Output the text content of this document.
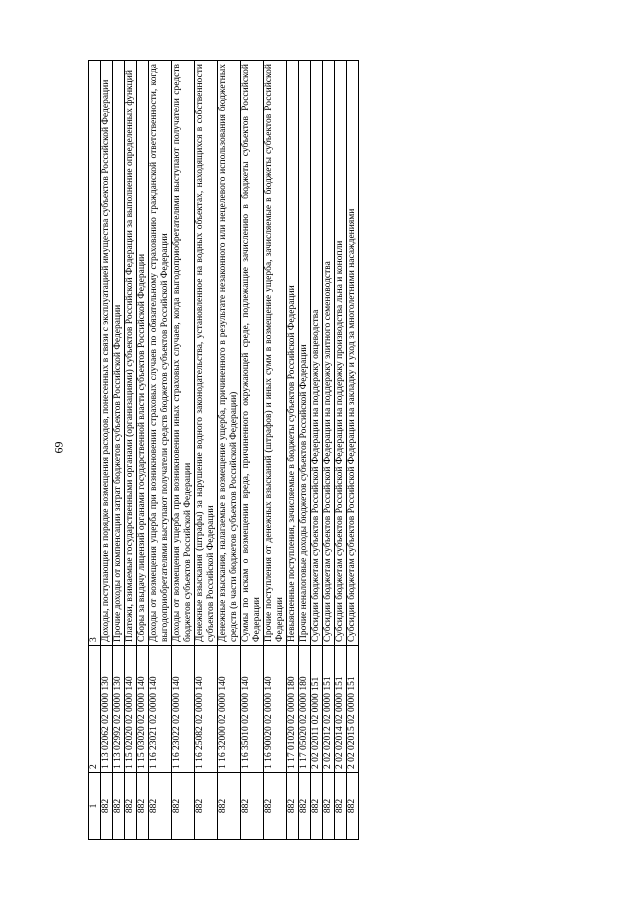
69
1	2	3
882	1 13 02062 02 0000 130	Доходы, поступающие в порядке возмещения расходов, понесенных в связи с эксплуатацией имущества субъектов Российской Федерации
882	1 13 02992 02 0000 130	Прочие доходы от компенсации затрат бюджетов субъектов Российской Федерации
882	1 15 02020 02 0000 140	Платежи, взимаемые государственными органами (организациями) субъектов Российской Федерации за выполнение определенных функций
882	1 15 03020 02 0000 140	Сборы за выдачу лицензий органами государственной власти субъектов Российской Федерации
882	1 16 23021 02 0000 140	Доходы от возмещения ущерба при возникновении страховых случаев по обязательному страхованию гражданской ответственности, когда выгодоприобретателями выступают получатели средств бюджетов субъектов Российской Федерации
882	1 16 23022 02 0000 140	Доходы от возмещения ущерба при возникновении иных страховых случаев, когда выгодоприобретателями выступают получатели средств бюджетов субъектов Российской Федерации
882	1 16 25082 02 0000 140	Денежные взыскания (штрафы) за нарушение водного законодательства, установленное на водных объектах, находящихся в собственности субъектов Российской Федерации
882	1 16 32000 02 0000 140	Денежные взыскания, налагаемые в возмещение ущерба, причиненного в результате незаконного или нецелевого использования бюджетных средств (в части бюджетов субъектов Российской Федерации)
882	1 16 35010 02 0000 140	Суммы по искам о возмещении вреда, причиненного окружающей среде, подлежащие зачислению в бюджеты субъектов Российской Федерации
882	1 16 90020 02 0000 140	Прочие поступления от денежных взысканий (штрафов) и иных сумм в возмещение ущерба, зачисляемые в бюджеты субъектов Российской Федерации
882	1 17 01020 02 0000 180	Невыясненные поступления, зачисляемые в бюджеты субъектов Российской Федерации
882	1 17 05020 02 0000 180	Прочие неналоговые доходы бюджетов субъектов Российской Федерации
882	2 02 02011 02 0000 151	Субсидии бюджетам субъектов Российской Федерации на поддержку овцеводства
882	2 02 02012 02 0000 151	Субсидии бюджетам субъектов Российской Федерации на поддержку элитного семеноводства
882	2 02 02014 02 0000 151	Субсидии бюджетам субъектов Российской Федерации на поддержку производства льна и конопли
882	2 02 02015 02 0000 151	Субсидии бюджетам субъектов Российской Федерации на закладку и уход за многолетними насаждениями
